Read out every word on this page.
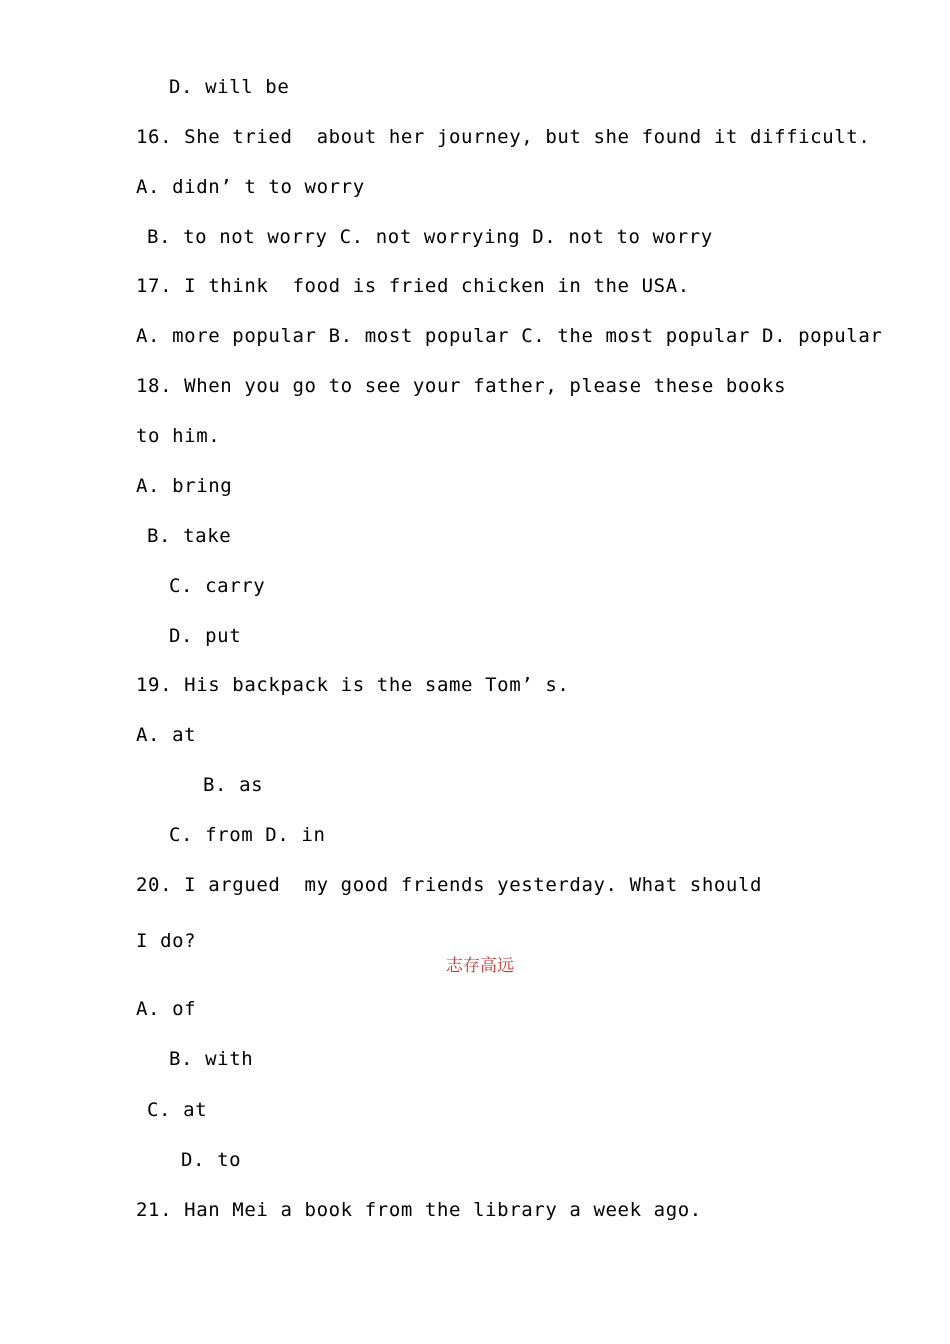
D. will be
16. She tried  about her journey, but she found it difficult.
A. didn’ t to worry
B. to not worry C. not worrying D. not to worry
17. I think  food is fried chicken in the USA.
A. more popular B. most popular C. the most popular D. popular
18. When you go to see your father, please these books
to him.
A. bring
B. take
C. carry
D. put
19. His backpack is the same Tom’ s.
A. at
B. as
C. from D. in
20. I argued  my good friends yesterday. What should
I do?
志存高远
A. of
B. with
C. at
D. to
21. Han Mei a book from the library a week ago.
